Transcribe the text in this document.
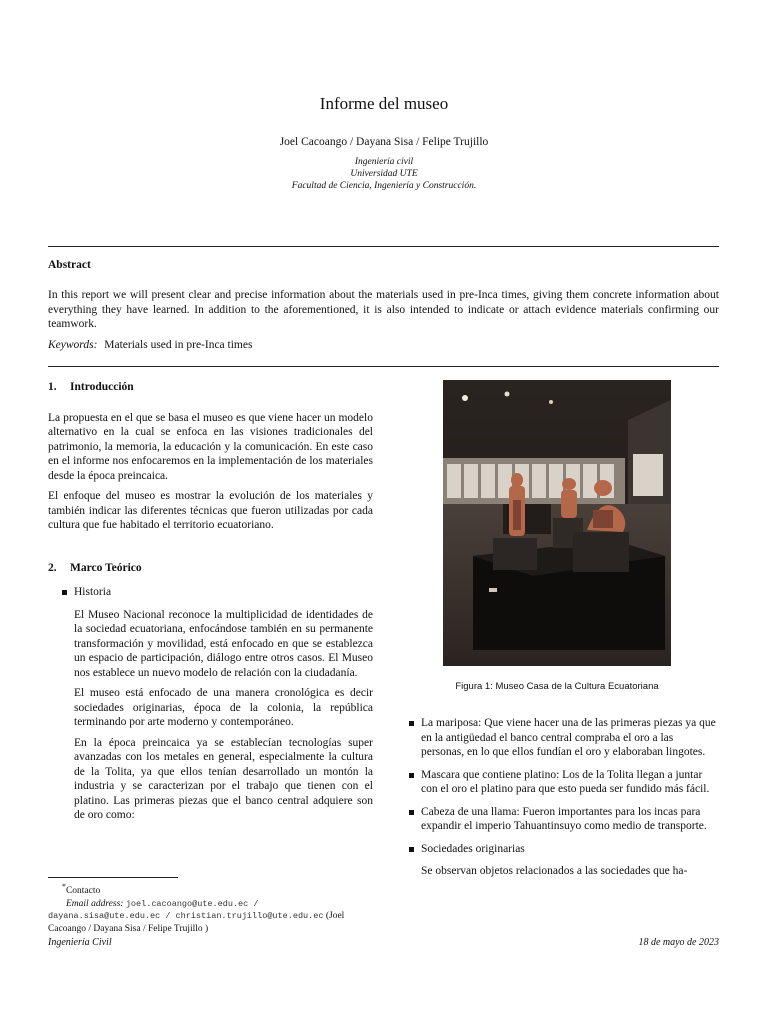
Informe del museo
Joel Cacoango / Dayana Sisa / Felipe Trujillo
Ingeniería civil
Universidad UTE
Facultad de Ciencia, Ingeniería y Construcción.
Abstract
In this report we will present clear and precise information about the materials used in pre-Inca times, giving them concrete information about everything they have learned. In addition to the aforementioned, it is also intended to indicate or attach evidence materials confirming our teamwork.
Keywords: Materials used in pre-Inca times
1. Introducción

La propuesta en el que se basa el museo es que viene hacer un modelo alternativo en la cual se enfoca en las visiones tradicionales del patrimonio, la memoria, la educación y la comunicación. En este caso en el informe nos enfocaremos en la implementación de los materiales desde la época preincaica.

El enfoque del museo es mostrar la evolución de los materiales y también indicar las diferentes técnicas que fueron utilizadas por cada cultura que fue habitado el territorio ecuatoriano.

2. Marco Teórico
Historia

El Museo Nacional reconoce la multiplicidad de identidades de la sociedad ecuatoriana, enfocándose también en su permanente transformación y movilidad, está enfocado en que se establezca un espacio de participación, diálogo entre otros casos. El Museo nos establece un nuevo modelo de relación con la ciudadanía.

El museo está enfocado de una manera cronológica es decir sociedades originarias, época de la colonia, la república terminando por arte moderno y contemporáneo.

En la época preincaica ya se establecían tecnologías super avanzadas con los metales en general, especialmente la cultura de la Tolita, ya que ellos tenían desarrollado un montón la industria y se caracterizan por el trabajo que tienen con el platino. Las primeras piezas que el banco central adquiere son de oro como:

Figura 1: Museo Casa de la Cultura Ecuatoriana
La mariposa: Que viene hacer una de las primeras piezas ya que en la antigüedad el banco central compraba el oro a las personas, en lo que ellos fundían el oro y elaboraban lingotes.
Mascara que contiene platino: Los de la Tolita llegan a juntar con el oro el platino para que esto pueda ser fundido más fácil.
Cabeza de una llama: Fueron importantes para los incas para expandir el imperio Tahuantinsuyo como medio de transporte.
Sociedades originarias
Se observan objetos relacionados a las sociedades que ha-
*Contacto
Email address: joel.cacoango@ute.edu.ec / dayana.sisa@ute.edu.ec / christian.trujillo@ute.edu.ec (Joel Cacoango / Dayana Sisa / Felipe Trujillo )
Ingeniería Civil	18 de mayo de 2023
